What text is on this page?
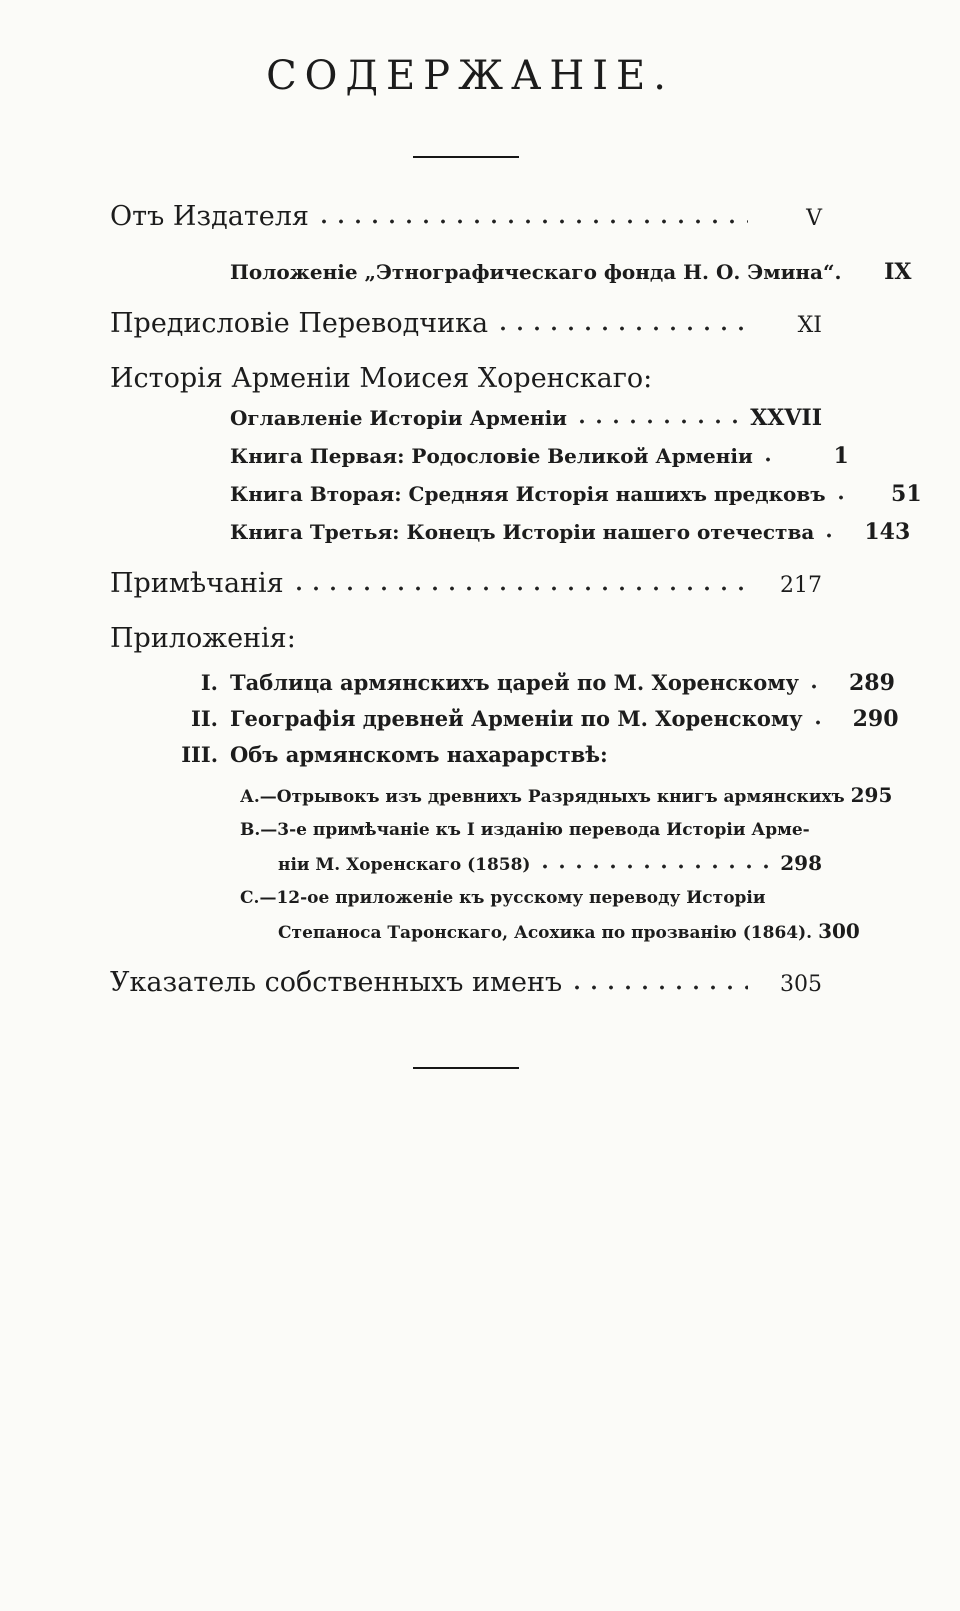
СОДЕРЖАНІЕ.
Отъ Издателя	V
Положеніе „Этнографическаго фонда Н. О. Эмина“.	IX
Предисловіе Переводчика	XI
Исторія Арменіи Моисея Хоренскаго:
Оглавленіе Исторіи Арменіи	XXVII
Книга Первая: Родословіе Великой Арменіи	1
Книга Вторая: Средняя Исторія нашихъ предковъ	51
Книга Третья: Конецъ Исторіи нашего отечества	143
Примѣчанія	217
Приложенія:
I. Таблица армянскихъ царей по М. Хоренскому	289
II. Географія древней Арменіи по М. Хоренскому	290
III. Объ армянскомъ нахарарствѣ:
А.—Отрывокъ изъ древнихъ Разрядныхъ книгъ армянскихъ 295
В.—3-е примѣчаніе къ I изданію перевода Исторіи Арме-
ніи М. Хоренскаго (1858)	298
С.—12-ое приложеніе къ русскому переводу Исторіи
Степаноса Таронскаго, Асохика по прозванію (1864). 300
Указатель собственныхъ именъ	305
